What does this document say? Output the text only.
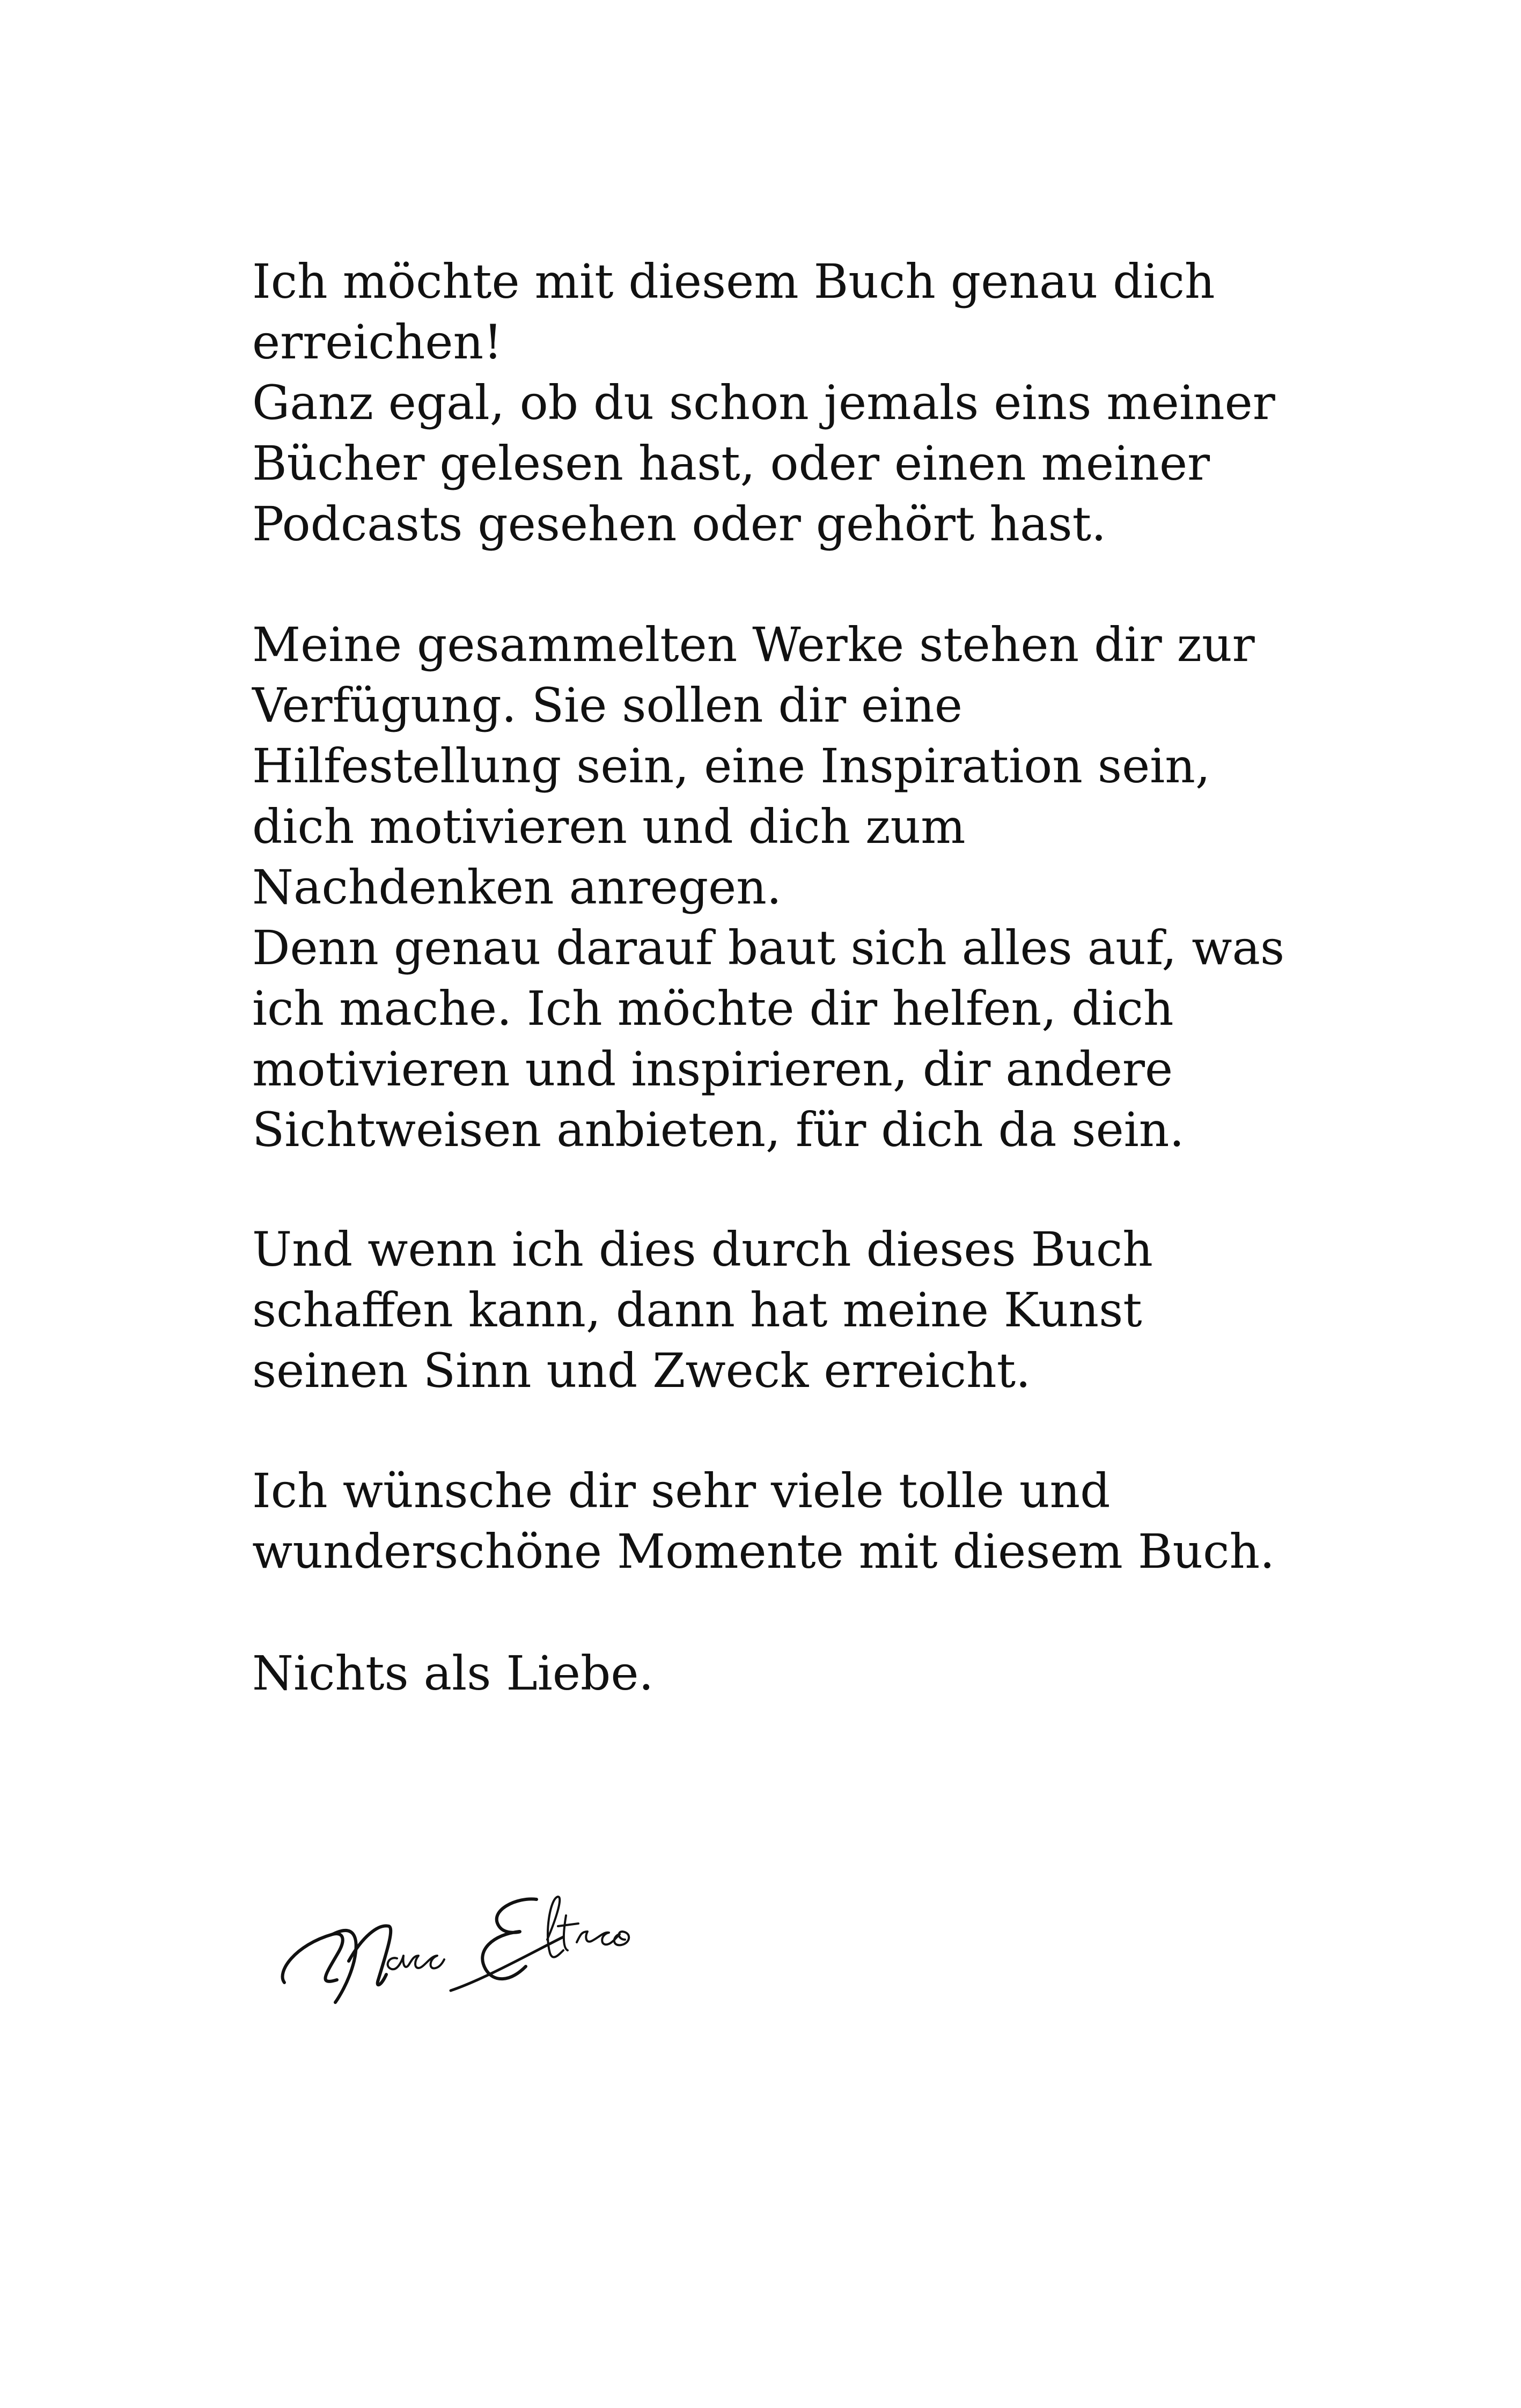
Ich möchte mit diesem Buch genau dich
erreichen!
Ganz egal, ob du schon jemals eins meiner
Bücher gelesen hast, oder einen meiner
Podcasts gesehen oder gehört hast.

Meine gesammelten Werke stehen dir zur
Verfügung. Sie sollen dir eine
Hilfestellung sein, eine Inspiration sein,
dich motivieren und dich zum
Nachdenken anregen.
Denn genau darauf baut sich alles auf, was
ich mache. Ich möchte dir helfen, dich
motivieren und inspirieren, dir andere
Sichtweisen anbieten, für dich da sein.

Und wenn ich dies durch dieses Buch
schaffen kann, dann hat meine Kunst
seinen Sinn und Zweck erreicht.

Ich wünsche dir sehr viele tolle und
wunderschöne Momente mit diesem Buch.

Nichts als Liebe.
